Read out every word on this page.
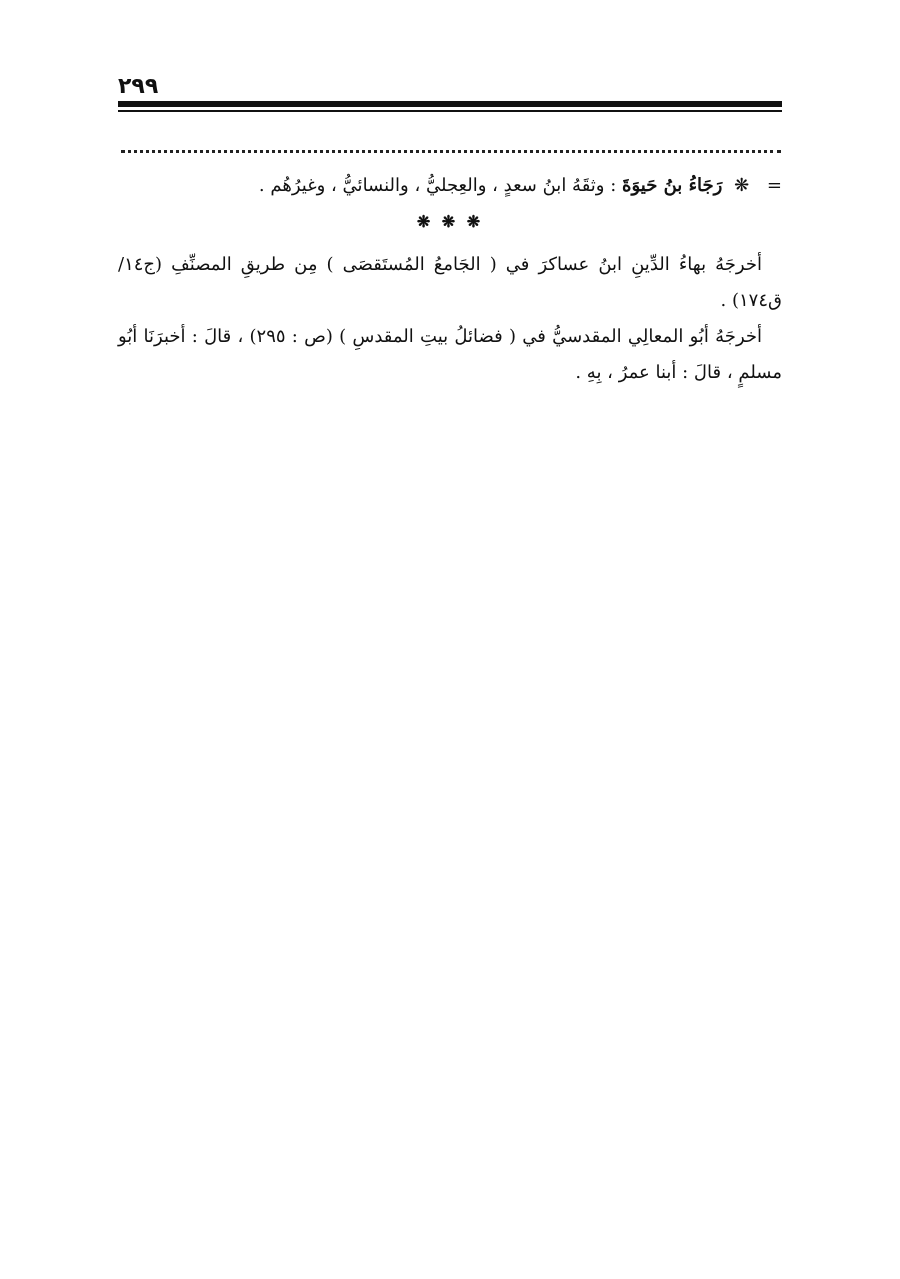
٢٩٩
= ❋ رَجَاءُ بنُ حَيوَةَ : وثقَهُ ابنُ سعدٍ ، والعِجليُّ ، والنسائيُّ ، وغيرُهُم .
❋ ❋ ❋

أخرجَهُ بهاءُ الدِّينِ ابنُ عساكرَ في ( الجَامعُ المُستَقصَى ) مِن طريقِ المصنِّفِ (ج١٤/ ق١٧٤) .

أخرجَهُ أبُو المعالِي المقدسيُّ في ( فضائلُ بيتِ المقدسِ ) (ص : ٢٩٥) ، قالَ : أخبرَنَا أبُو مسلمٍ ، قالَ : أبنا عمرُ ، بِهِ .
